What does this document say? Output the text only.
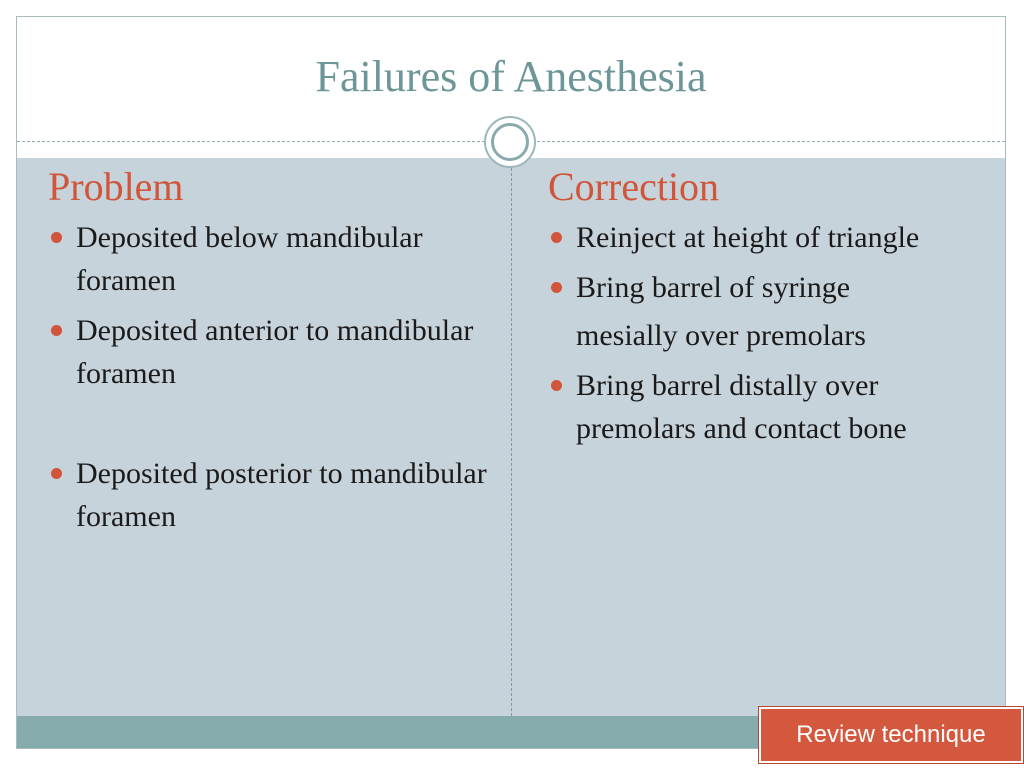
Failures of Anesthesia
Problem
Deposited below mandibular foramen
Deposited anterior to mandibular foramen
Deposited posterior to mandibular foramen
Correction
Reinject at height of triangle
Bring barrel of syringe
mesially over premolars
Bring barrel distally over premolars and contact bone
Review technique
